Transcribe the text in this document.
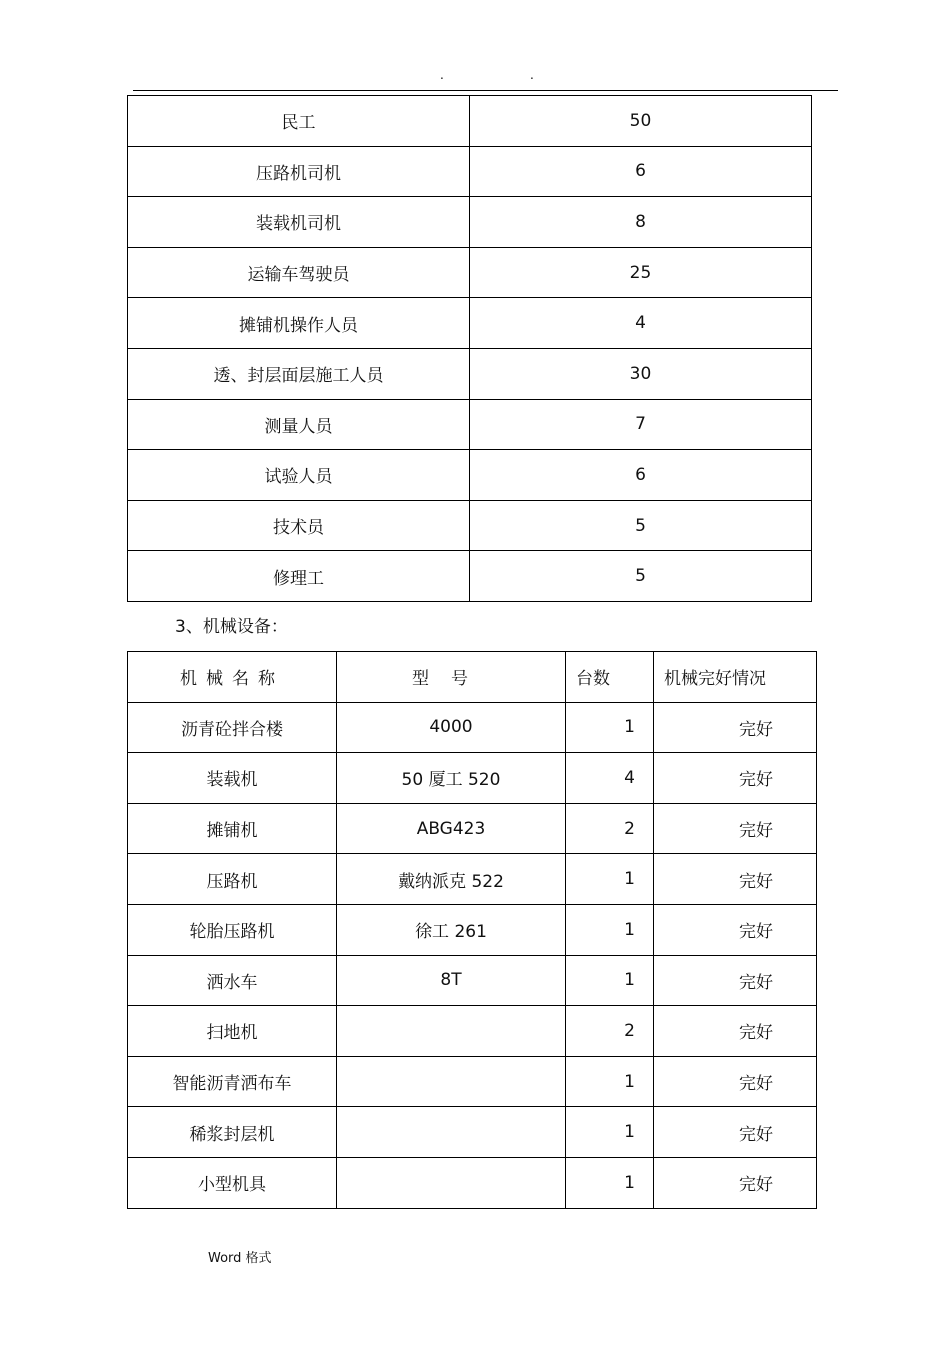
.	.
民工	50
压路机司机	6
装载机司机	8
运输车驾驶员	25
摊铺机操作人员	4
透、封层面层施工人员	30
测量人员	7
试验人员	6
技术员	5
修理工	5
3、机械设备：
机械名称	型号	台数	机械完好情况
沥青砼拌合楼	4000	1	完好
装载机	50 厦工 520	4	完好
摊铺机	ABG423	2	完好
压路机	戴纳派克 522	1	完好
轮胎压路机	徐工 261	1	完好
洒水车	8T	1	完好
扫地机		2	完好
智能沥青洒布车		1	完好
稀浆封层机		1	完好
小型机具		1	完好
Word 格式
